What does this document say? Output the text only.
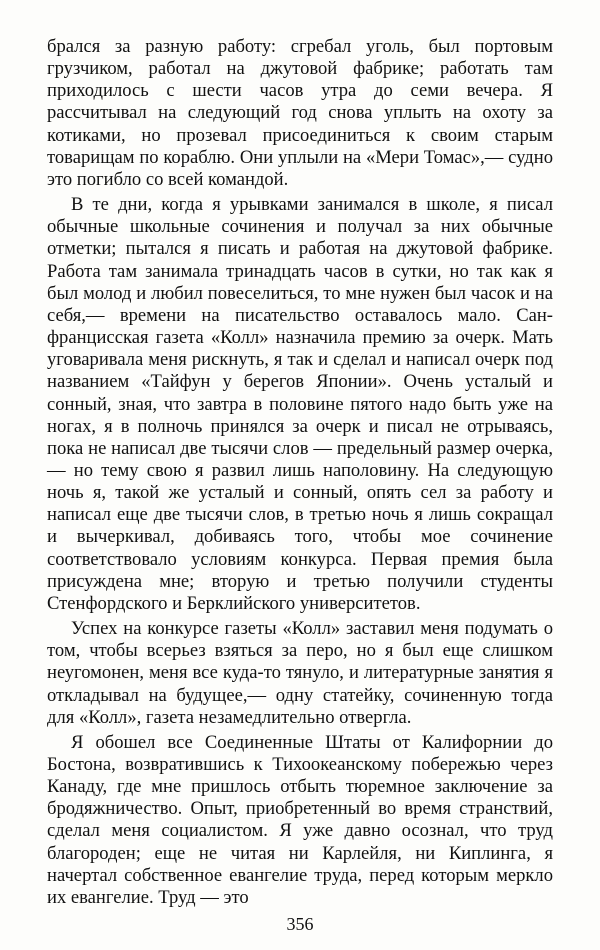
брался за разную работу: сгребал уголь, был портовым грузчиком, работал на джутовой фабрике; работать там приходилось с шести часов утра до семи вечера. Я рассчитывал на следующий год снова уплыть на охоту за котиками, но прозевал присоединиться к своим старым товарищам по кораблю. Они уплыли на «Мери Томас»,— судно это погибло со всей командой.

В те дни, когда я урывками занимался в школе, я писал обычные школьные сочинения и получал за них обычные отметки; пытался я писать и работая на джутовой фабрике. Работа там занимала тринадцать часов в сутки, но так как я был молод и любил повеселиться, то мне нужен был часок и на себя,— времени на писательство оставалось мало. Сан-францисская газета «Колл» назначила премию за очерк. Мать уговаривала меня рискнуть, я так и сделал и написал очерк под названием «Тайфун у берегов Японии». Очень усталый и сонный, зная, что завтра в половине пятого надо быть уже на ногах, я в полночь принялся за очерк и писал не отрываясь, пока не написал две тысячи слов — предельный размер очерка,— но тему свою я развил лишь наполовину. На следующую ночь я, такой же усталый и сонный, опять сел за работу и написал еще две тысячи слов, в третью ночь я лишь сокращал и вычеркивал, добиваясь того, чтобы мое сочинение соответствовало условиям конкурса. Первая премия была присуждена мне; вторую и третью получили студенты Стенфордского и Берклийского университетов.

Успех на конкурсе газеты «Колл» заставил меня подумать о том, чтобы всерьез взяться за перо, но я был еще слишком неугомонен, меня все куда-то тянуло, и литературные занятия я откладывал на будущее,— одну статейку, сочиненную тогда для «Колл», газета незамедлительно отвергла.

Я обошел все Соединенные Штаты от Калифорнии до Бостона, возвратившись к Тихоокеанскому побережью через Канаду, где мне пришлось отбыть тюремное заключение за бродяжничество. Опыт, приобретенный во время странствий, сделал меня социалистом. Я уже давно осознал, что труд благороден; еще не читая ни Карлейля, ни Киплинга, я начертал собственное евангелие труда, перед которым меркло их евангелие. Труд — это

356
